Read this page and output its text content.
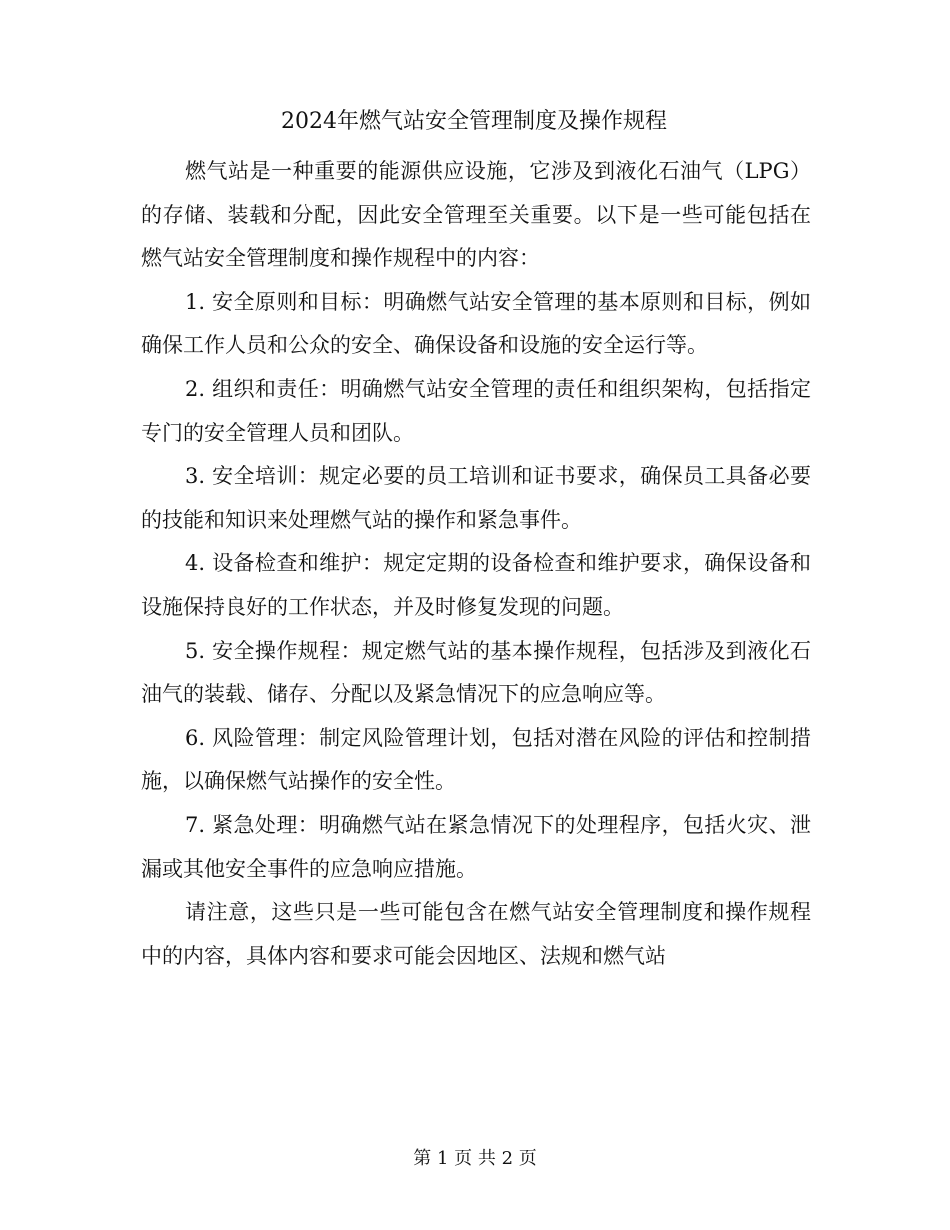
2024年燃气站安全管理制度及操作规程

燃气站是一种重要的能源供应设施，它涉及到液化石油气（LPG）的存储、装载和分配，因此安全管理至关重要。以下是一些可能包括在燃气站安全管理制度和操作规程中的内容：

1. 安全原则和目标：明确燃气站安全管理的基本原则和目标，例如确保工作人员和公众的安全、确保设备和设施的安全运行等。

2. 组织和责任：明确燃气站安全管理的责任和组织架构，包括指定专门的安全管理人员和团队。

3. 安全培训：规定必要的员工培训和证书要求，确保员工具备必要的技能和知识来处理燃气站的操作和紧急事件。

4. 设备检查和维护：规定定期的设备检查和维护要求，确保设备和设施保持良好的工作状态，并及时修复发现的问题。

5. 安全操作规程：规定燃气站的基本操作规程，包括涉及到液化石油气的装载、储存、分配以及紧急情况下的应急响应等。

6. 风险管理：制定风险管理计划，包括对潜在风险的评估和控制措施，以确保燃气站操作的安全性。

7. 紧急处理：明确燃气站在紧急情况下的处理程序，包括火灾、泄漏或其他安全事件的应急响应措施。

请注意，这些只是一些可能包含在燃气站安全管理制度和操作规程中的内容，具体内容和要求可能会因地区、法规和燃气站

第 1 页 共 2 页
